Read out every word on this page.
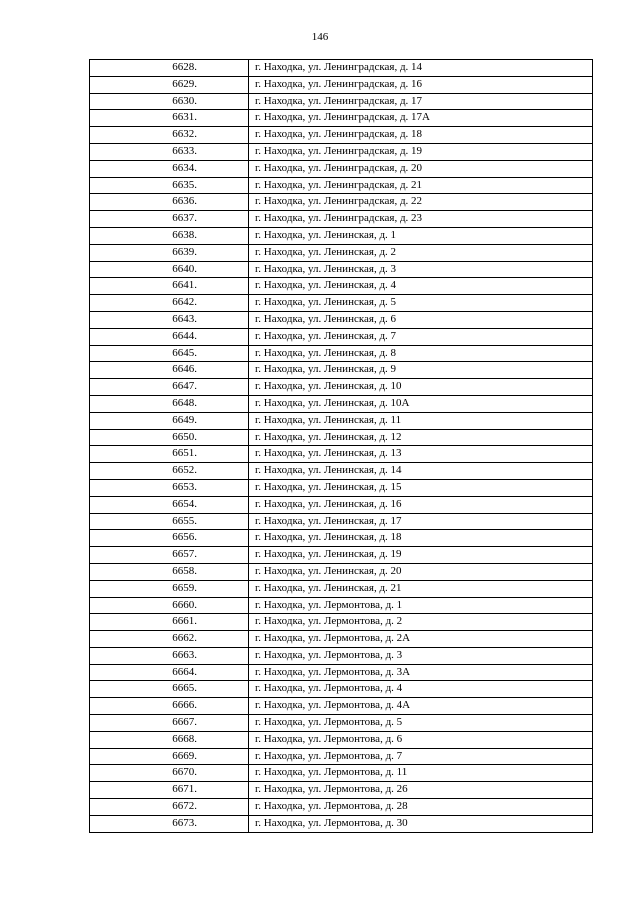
146
6628.	г. Находка, ул. Ленинградская, д. 14
6629.	г. Находка, ул. Ленинградская, д. 16
6630.	г. Находка, ул. Ленинградская, д. 17
6631.	г. Находка, ул. Ленинградская, д. 17А
6632.	г. Находка, ул. Ленинградская, д. 18
6633.	г. Находка, ул. Ленинградская, д. 19
6634.	г. Находка, ул. Ленинградская, д. 20
6635.	г. Находка, ул. Ленинградская, д. 21
6636.	г. Находка, ул. Ленинградская, д. 22
6637.	г. Находка, ул. Ленинградская, д. 23
6638.	г. Находка, ул. Ленинская, д. 1
6639.	г. Находка, ул. Ленинская, д. 2
6640.	г. Находка, ул. Ленинская, д. 3
6641.	г. Находка, ул. Ленинская, д. 4
6642.	г. Находка, ул. Ленинская, д. 5
6643.	г. Находка, ул. Ленинская, д. 6
6644.	г. Находка, ул. Ленинская, д. 7
6645.	г. Находка, ул. Ленинская, д. 8
6646.	г. Находка, ул. Ленинская, д. 9
6647.	г. Находка, ул. Ленинская, д. 10
6648.	г. Находка, ул. Ленинская, д. 10А
6649.	г. Находка, ул. Ленинская, д. 11
6650.	г. Находка, ул. Ленинская, д. 12
6651.	г. Находка, ул. Ленинская, д. 13
6652.	г. Находка, ул. Ленинская, д. 14
6653.	г. Находка, ул. Ленинская, д. 15
6654.	г. Находка, ул. Ленинская, д. 16
6655.	г. Находка, ул. Ленинская, д. 17
6656.	г. Находка, ул. Ленинская, д. 18
6657.	г. Находка, ул. Ленинская, д. 19
6658.	г. Находка, ул. Ленинская, д. 20
6659.	г. Находка, ул. Ленинская, д. 21
6660.	г. Находка, ул. Лермонтова, д. 1
6661.	г. Находка, ул. Лермонтова, д. 2
6662.	г. Находка, ул. Лермонтова, д. 2А
6663.	г. Находка, ул. Лермонтова, д. 3
6664.	г. Находка, ул. Лермонтова, д. 3А
6665.	г. Находка, ул. Лермонтова, д. 4
6666.	г. Находка, ул. Лермонтова, д. 4А
6667.	г. Находка, ул. Лермонтова, д. 5
6668.	г. Находка, ул. Лермонтова, д. 6
6669.	г. Находка, ул. Лермонтова, д. 7
6670.	г. Находка, ул. Лермонтова, д. 11
6671.	г. Находка, ул. Лермонтова, д. 26
6672.	г. Находка, ул. Лермонтова, д. 28
6673.	г. Находка, ул. Лермонтова, д. 30
